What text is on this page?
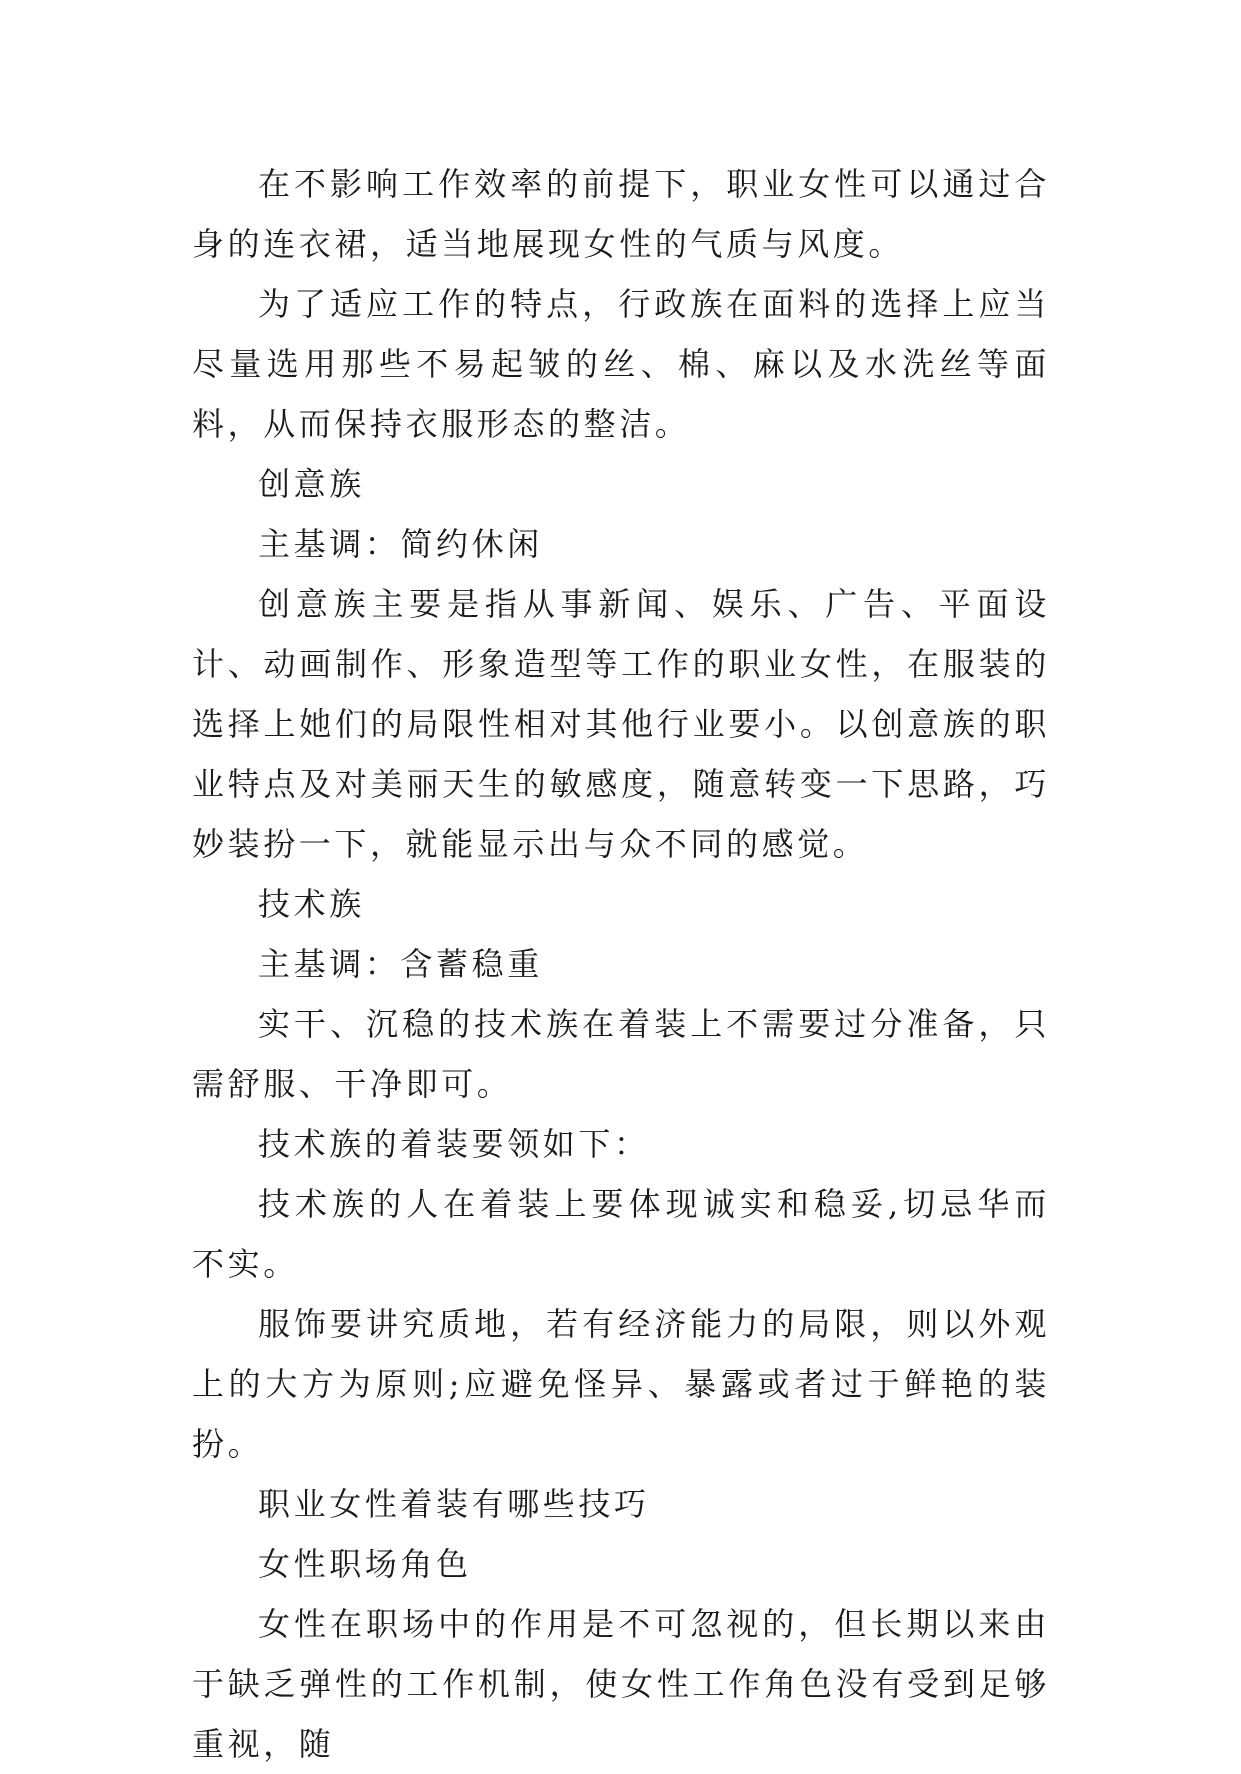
在不影响工作效率的前提下，职业女性可以通过合身的连衣裙，适当地展现女性的气质与风度。

为了适应工作的特点，行政族在面料的选择上应当尽量选用那些不易起皱的丝、棉、麻以及水洗丝等面料，从而保持衣服形态的整洁。

创意族

主基调：简约休闲

创意族主要是指从事新闻、娱乐、广告、平面设计、动画制作、形象造型等工作的职业女性，在服装的选择上她们的局限性相对其他行业要小。以创意族的职业特点及对美丽天生的敏感度，随意转变一下思路，巧妙装扮一下，就能显示出与众不同的感觉。

技术族

主基调：含蓄稳重

实干、沉稳的技术族在着装上不需要过分准备，只需舒服、干净即可。

技术族的着装要领如下：

技术族的人在着装上要体现诚实和稳妥,切忌华而不实。

服饰要讲究质地，若有经济能力的局限，则以外观上的大方为原则;应避免怪异、暴露或者过于鲜艳的装扮。

职业女性着装有哪些技巧

女性职场角色

女性在职场中的作用是不可忽视的，但长期以来由于缺乏弹性的工作机制，使女性工作角色没有受到足够重视，随
